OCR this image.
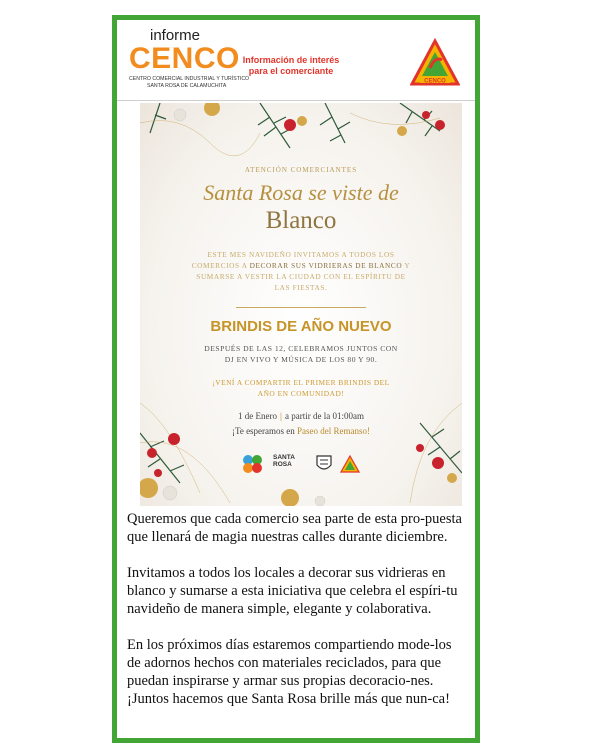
informe
CENCO
CENTRO COMERCIAL INDUSTRIAL Y TURÍSTICO
SANTA ROSA DE CALAMUCHITA
Información de interés
para el comerciante
CENCO
ATENCIÓN COMERCIANTES
Santa Rosa se viste de
Blanco
ESTE MES NAVIDEÑO INVITAMOS A TODOS LOS COMERCIOS A DECORAR SUS VIDRIERAS DE BLANCO Y SUMARSE A VESTIR LA CIUDAD CON EL ESPÍRITU DE LAS FIESTAS.
BRINDIS DE AÑO NUEVO
DESPUÉS DE LAS 12, CELEBRAMOS JUNTOS CON
DJ EN VIVO Y MÚSICA DE LOS 80 Y 90.
¡VENÍ A COMPARTIR EL PRIMER BRINDIS DEL
AÑO EN COMUNIDAD!
1 de Enero | a partir de la 01:00am
¡Te esperamos en Paseo del Remanso!
SANTA
ROSA

Queremos que cada comercio sea parte de esta pro-puesta que llenará de magia nuestras calles durante diciembre.

Invitamos a todos los locales a decorar sus vidrieras en blanco y sumarse a esta iniciativa que celebra el espíri-tu navideño de manera simple, elegante y colaborativa.

En los próximos días estaremos compartiendo mode-los de adornos hechos con materiales reciclados, para que puedan inspirarse y armar sus propias decoracio-nes.

¡Juntos hacemos que Santa Rosa brille más que nun-ca!
